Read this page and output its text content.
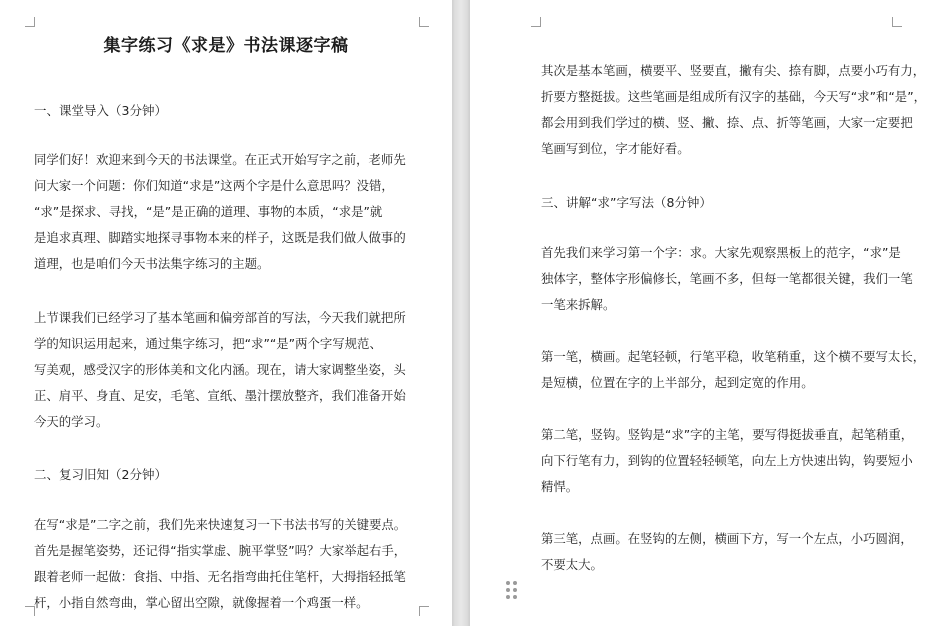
集字练习《求是》书法课逐字稿
一、课堂导入（3分钟）
同学们好！欢迎来到今天的书法课堂。在正式开始写字之前，老师先
问大家一个问题：你们知道“求是”这两个字是什么意思吗？没错，
“求”是探求、寻找，“是”是正确的道理、事物的本质，“求是”就
是追求真理、脚踏实地探寻事物本来的样子，这既是我们做人做事的
道理，也是咱们今天书法集字练习的主题。
上节课我们已经学习了基本笔画和偏旁部首的写法，今天我们就把所
学的知识运用起来，通过集字练习，把“求”“是”两个字写规范、
写美观，感受汉字的形体美和文化内涵。现在，请大家调整坐姿，头
正、肩平、身直、足安，毛笔、宣纸、墨汁摆放整齐，我们准备开始
今天的学习。
二、复习旧知（2分钟）
在写“求是”二字之前，我们先来快速复习一下书法书写的关键要点。
首先是握笔姿势，还记得“指实掌虚、腕平掌竖”吗？大家举起右手，
跟着老师一起做：食指、中指、无名指弯曲托住笔杆，大拇指轻抵笔
杆，小指自然弯曲，掌心留出空隙，就像握着一个鸡蛋一样。
其次是基本笔画，横要平、竖要直，撇有尖、捺有脚，点要小巧有力，
折要方整挺拔。这些笔画是组成所有汉字的基础，今天写“求”和“是”，
都会用到我们学过的横、竖、撇、捺、点、折等笔画，大家一定要把
笔画写到位，字才能好看。
三、讲解“求”字写法（8分钟）
首先我们来学习第一个字：求。大家先观察黑板上的范字，“求”是
独体字，整体字形偏修长，笔画不多，但每一笔都很关键，我们一笔
一笔来拆解。
第一笔，横画。起笔轻顿，行笔平稳，收笔稍重，这个横不要写太长，
是短横，位置在字的上半部分，起到定宽的作用。
第二笔，竖钩。竖钩是“求”字的主笔，要写得挺拔垂直，起笔稍重，
向下行笔有力，到钩的位置轻轻顿笔，向左上方快速出钩，钩要短小
精悍。
第三笔，点画。在竖钩的左侧，横画下方，写一个左点，小巧圆润，
不要太大。
